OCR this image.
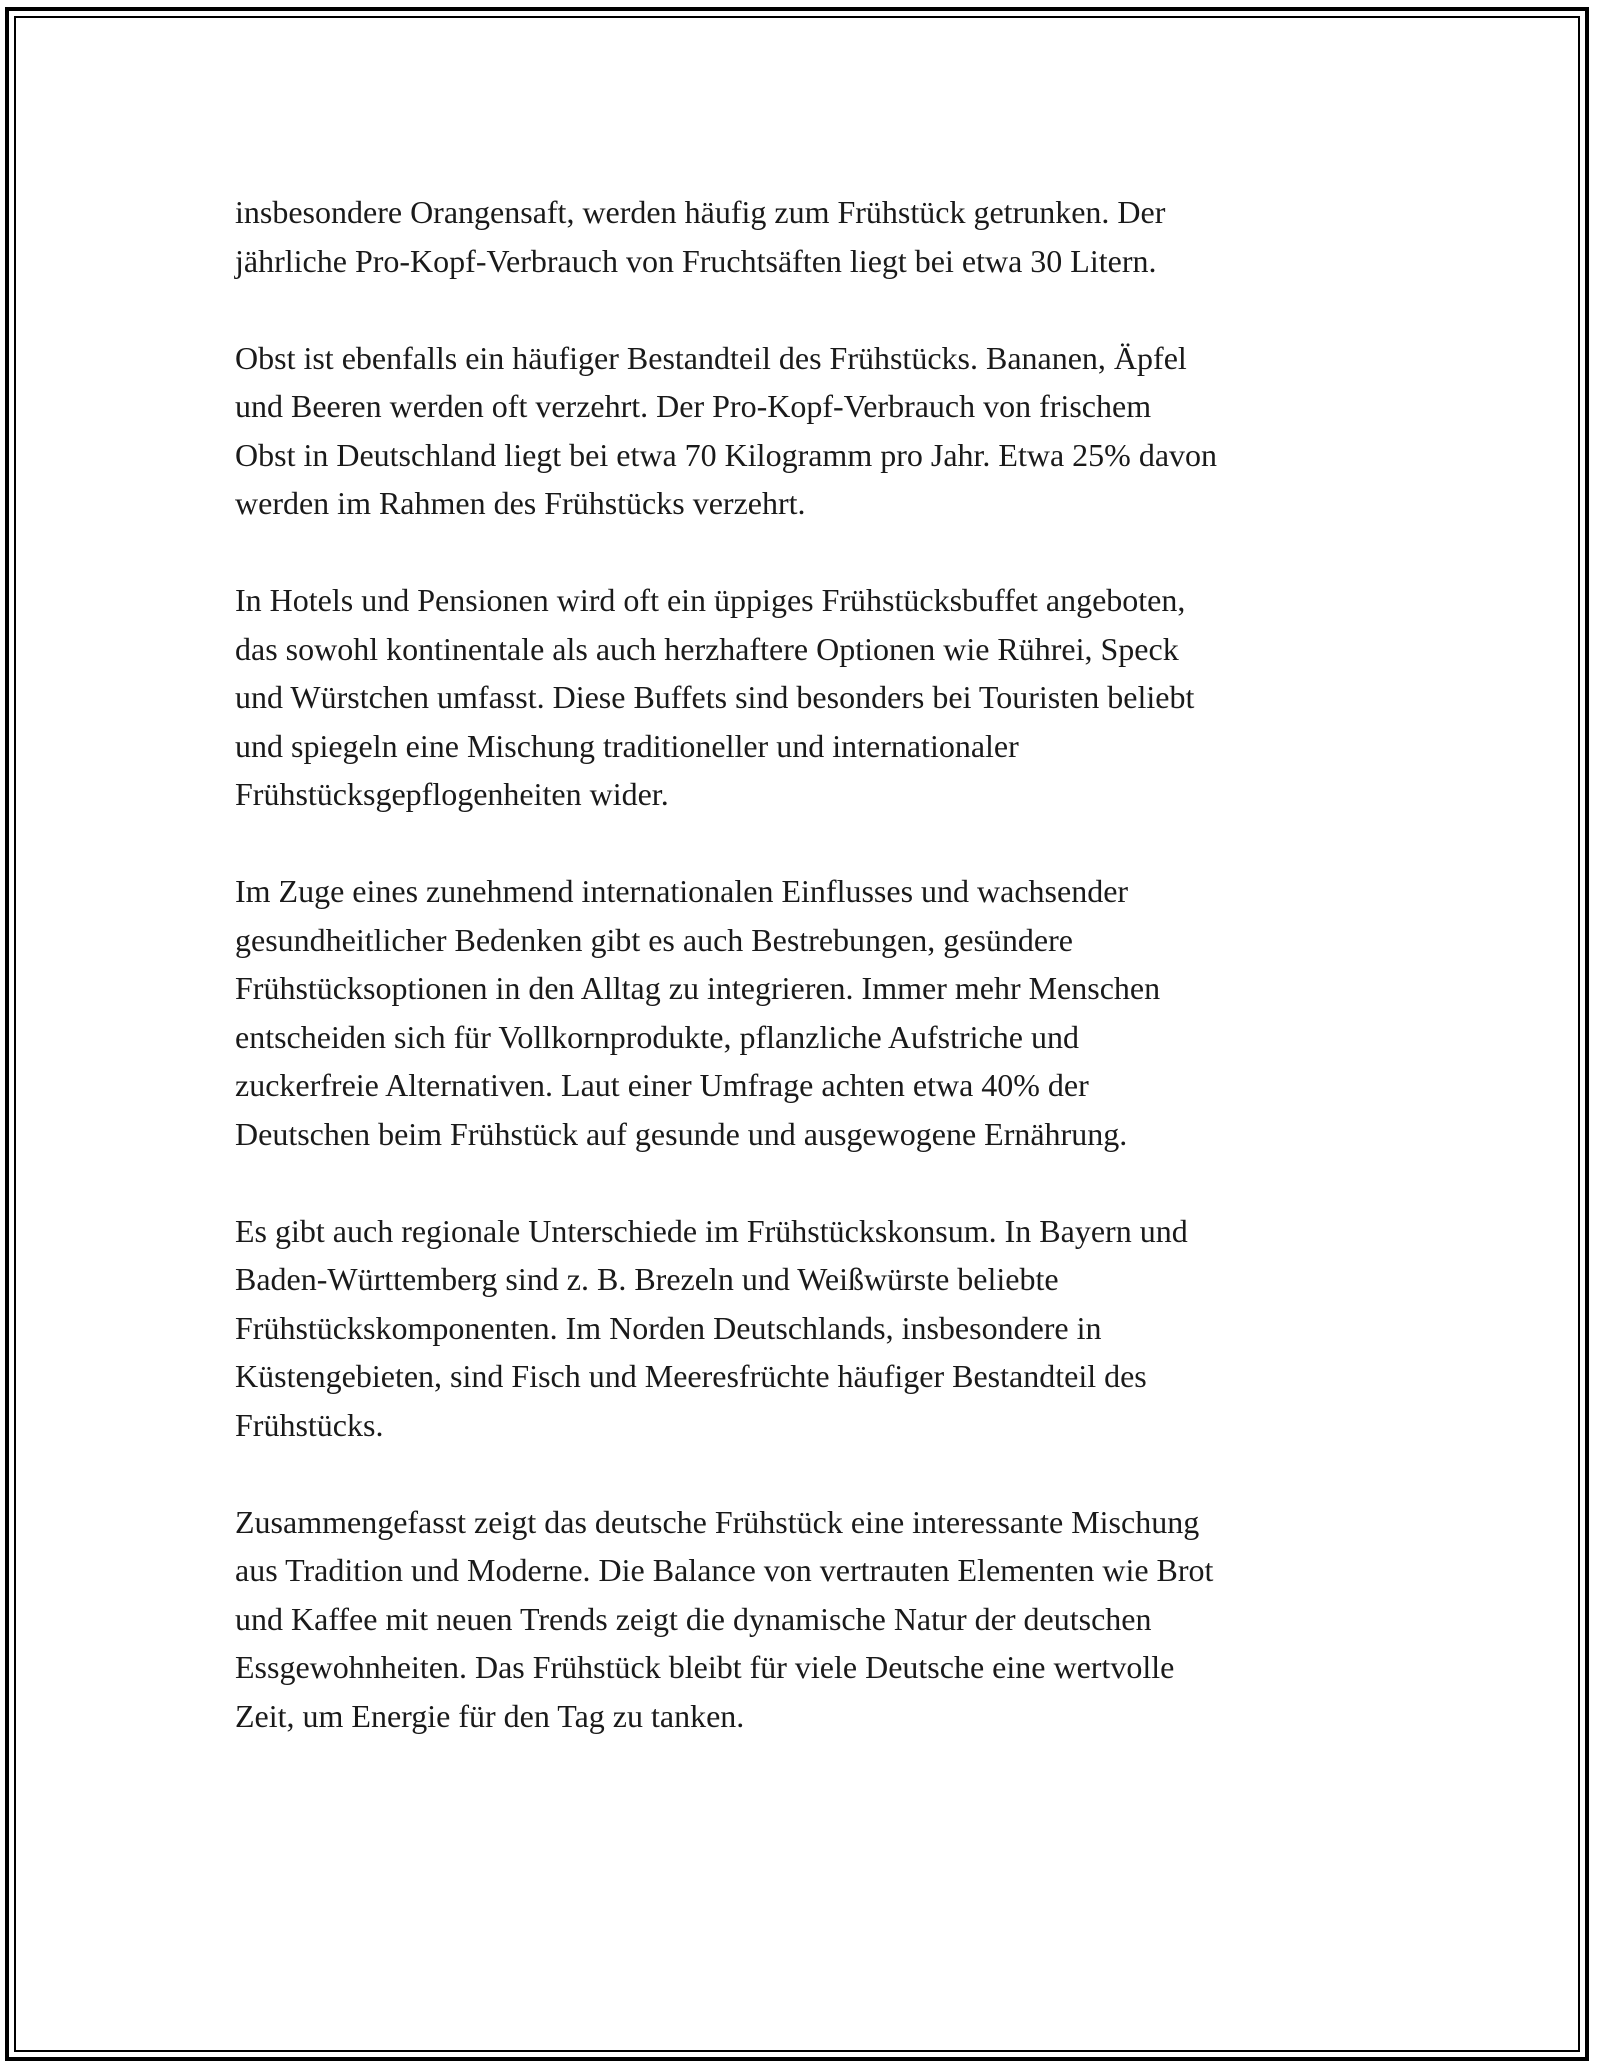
insbesondere Orangensaft, werden häufig zum Frühstück getrunken. Der
jährliche Pro-Kopf-Verbrauch von Fruchtsäften liegt bei etwa 30 Litern.

Obst ist ebenfalls ein häufiger Bestandteil des Frühstücks. Bananen, Äpfel
und Beeren werden oft verzehrt. Der Pro-Kopf-Verbrauch von frischem
Obst in Deutschland liegt bei etwa 70 Kilogramm pro Jahr. Etwa 25% davon
werden im Rahmen des Frühstücks verzehrt.

In Hotels und Pensionen wird oft ein üppiges Frühstücksbuffet angeboten,
das sowohl kontinentale als auch herzhaftere Optionen wie Rührei, Speck
und Würstchen umfasst. Diese Buffets sind besonders bei Touristen beliebt
und spiegeln eine Mischung traditioneller und internationaler
Frühstücksgepflogenheiten wider.

Im Zuge eines zunehmend internationalen Einflusses und wachsender
gesundheitlicher Bedenken gibt es auch Bestrebungen, gesündere
Frühstücksoptionen in den Alltag zu integrieren. Immer mehr Menschen
entscheiden sich für Vollkornprodukte, pflanzliche Aufstriche und
zuckerfreie Alternativen. Laut einer Umfrage achten etwa 40% der
Deutschen beim Frühstück auf gesunde und ausgewogene Ernährung.

Es gibt auch regionale Unterschiede im Frühstückskonsum. In Bayern und
Baden-Württemberg sind z. B. Brezeln und Weißwürste beliebte
Frühstückskomponenten. Im Norden Deutschlands, insbesondere in
Küstengebieten, sind Fisch und Meeresfrüchte häufiger Bestandteil des
Frühstücks.

Zusammengefasst zeigt das deutsche Frühstück eine interessante Mischung
aus Tradition und Moderne. Die Balance von vertrauten Elementen wie Brot
und Kaffee mit neuen Trends zeigt die dynamische Natur der deutschen
Essgewohnheiten. Das Frühstück bleibt für viele Deutsche eine wertvolle
Zeit, um Energie für den Tag zu tanken.
